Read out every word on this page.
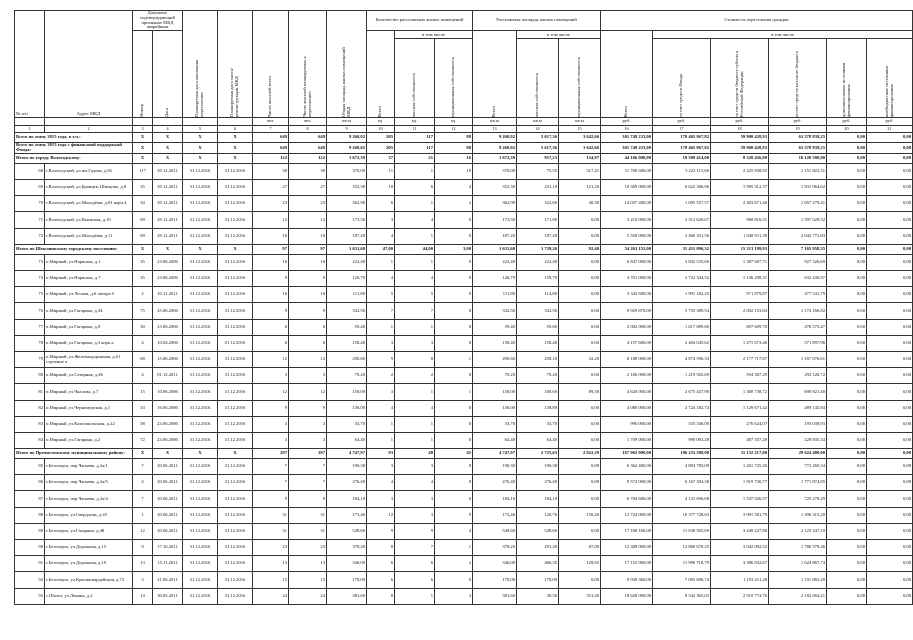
№ п/п	Адрес МКД	Документ, подтверждающий признание МКД аварийным		Планируемая дата окончания переселения	Планируемая дата сноса/реконструкции МКД	Число жителей всего	Число жителей планируемых к переселению	Общая площадь жилых помещений МКД	Количество расселяемых жилых помещений			Расселяемая площадь жилых помещений			Стоимость переселения граждан					

		Номер	Дата						Всего	в том числе		Всего	в том числе		Всего	в том числе				

										частная собственность	муниципальная собственность		частная собственность	муниципальная собственность		за счет средств Фонда	за счет средств бюджета субъекта Российской Федерации	за счет средств местного бюджета	дополнительные источники финансирования	внебюджетные источники финансирования

						чел.	чел.	кв.м	ед.	ед.	ед.	кв.м	кв.м	кв.м	руб.	руб.	руб.	руб.	руб.	руб.
1	2	3	4	5	6	7	8	9	10	11	12	13	14	15	16	17	18	19	20	21
Всего по этапу 2015 года, в т.ч.:		X	X	X	X	649	649	9 260,02	205	117	88	9 260,02	5 617,36	3 642,66	301 749 233,00	178 465 967,82	59 900 428,93	63 378 839,25	0,00	0,00
Всего по этапу 2015 года с финансовой поддержкой Фонда:		X	X	X	X	649	649	9 260,02	205	117	88	9 260,02	5 617,36	3 642,66	301 749 233,00	178 465 967,82	59 900 428,93	63 378 839,25	0,00	0,00
Итого по городу Вологодскому:		X	X	X	X	122	122	1 672,39	37	21	16	1 672,39	957,23	154,97	44 166 000,00	19 589 414,00	8 328 456,00	16 128 580,00	0,00	0,00
68	г.Вологодский, ул.им.Гадова, д.82	117	29.12.2011	31.12.2016	31.12.2016	30	30	370,00	11	1	10	370,00	75,55	317,41	11 700 600,00	5 223 115,60	2 225 938,95	1 151 822,31	0,00	0,00
69	г.Вологодский, ул.Бровцев, Швецово, д.8	35	29.12.2011	31.12.2016	31.12.2016	27	27	352,30	10	6	4	352,30	231,10	121,20	10 369 000,00	6 622 386,96	1 995 312,37	1 831 964,62	0,00	0,00
70	г.Вологодский, ул.Молодёжи, д.81 корп.4	34	29.12.2011	31.12.2016	31.12.2016	23	23	362,90	6	1	2	362,90	322,60	40,30	14 037 400,00	1 095 557,57	2 403 671,40	1 657 279,41	0,00	0,00
71	г.Вологодский, ул.Воинская, д.10	69	29.12.2011	31.12.2016	31.12.2016	12	12	173,50	3	4	0	173,50	171,80	0,00	3 210 000,00	2 312 620,67	968 816,31	1 597 629,52	0,00	0,00
72	г.Вологодский, ул.Молодёжи, д.11	69	29.12.2011	31.12.2016	31.12.2016	10	10	187,20	4	1	0	187,20	187,20	0,00	5 550 000,00	2 460 331,56	1 048 911,39	2 042 772,83	0,00	0,00
Итого по Шекснинскому городскому поселению:		X	X	X	X	97	97	1 631,60	47,00	44,00	3,00	1 631,60	1 739,26	92,40	54 263 155,00	31 451 096,32	15 313 199,93	7 165 958,35	0,00	0,00
73	п.Мирный, ул.Нарвская, д.1	35	23.06.2006	31.12.2016	31.12.2016	10	10	222,40	1	1	0	222,40	222,40	0,00	6 847 000,00	3 832 535,60	1 387 607,71	927 326,69	0,00	0,00
74	п.Мирный, ул.Нарвская, д.7	35	23.06.2006	31.12.2016	31.12.2016	9	9	126,79	4	4	0	126,79	159,79	0,00	4 701 000,00	2 722 344,52	1 136 298,31	632 436,97	0,00	0,00
75	п.Мирный, ул.Лесная, д.6 литера б	2	10.12.2011	31.12.2016	31.12.2016	10	10	111,80	5	5	0	111,80	114,80	0,00	3 343 600,00	1 991 182,25	971 879,87	477 541,79	0,00	0,00
76	п.Мирный, ул.Гагарина, д.34	75	25.06.2006	31.12.2016	31.12.2016	9	9	332,50	7	7	0	332,50	332,50	0,00	9 929 870,00	5 753 389,54	2 002 153,84	1 174 166,82	0,00	0,00
77	п.Мирный, ул.Гагарина, д.8	30	23.06.2006	31.12.2016	31.12.2016	6	6	59,40	1	1	0	59,40	59,60	0,00	2 002 000,00	1 617 889,60	807 609,70	276 575,47	0,00	0,00
78	п.Мирный, ул.Гагарина, д.3 корп.а	4	10.04.2006	31.12.2016	01.12.2016	6	6	158,40	3	3	0	158,40	158,40	0,00	4 157 600,00	2 404 045,62	1 271 673,46	571 897,96	0,00	0,00
79	п.Мирный, ул.Железнодорожная, д.61 строение а	68	15.06.2006	31.12.2016	31.12.2016	12	12	290,60	9	8	1	290,60	258,10	32,20	8 188 000,00	4 874 596,33	2 177 717,87	1 167 676,61	0,00	0,00
80	п.Мирный, ул.Северная, д.46	4	01.12.2011	31.12.2016	31.12.2016	3	3	70,20	2	2	0	70,20	70,20	0,00	2 106 000,00	1 219 565,69	594 307,29	292 126,72	0,00	0,00
81	п.Мирный, ул.Чкалова, д.7	15	10.06.2006	31.12.2016	31.12.2016	12	12	150,00	3	1	1	150,00	100,60	89,30	4 620 000,00	2 675 437,90	1 300 738,72	690 821,40	0,00	0,00
82	п.Мирный, ул.Черноморская, д.1	33	16.06.2006	31.12.2016	31.12.2016	9	9	136,00	4	4	0	136,00	138,80	0,00	4 080 000,00	2 724 182,74	1 129 671,42	489 145,84	0,00	0,00
83	п.Мирный, ул.Комсомольская, д.22	38	23.06.2006	31.12.2016	31.12.2016	3	3	33,70	1	1	0	33,70	33,70	0,00	996 000,00	535 336,00	276 624,07	193 039,93	0,00	0,00
84	п.Мирный, ул.Гагарина, д.2	72	23.06.2006	31.12.2016	31.12.2016	3	3	64,40	1	1	0	64,40	64,40	0,00	1 709 000,00	990 092,28	487 357,28	228 835,34	0,00	0,00
Итого по Пречистенскому муниципальному району:		X	X	X	X	297	297	4 747,97	93	48	45	4 747,97	2 725,63	2 022,29	167 962 000,00	106 233 280,00	31 132 217,00	29 624 480,00	0,00	0,00
85	г.Белозерск, пер.Чапаева, д.2а/1	7	20.06.2011	31.12.2016	31.12.2016	7	7	190,30	3	3	0	190,30	190,30	0,00	6 362 400,00	4 804 783,09	1 261 725,26	773 269,34	0,00	0,00
86	г.Белозерск, пер.Чапаева, д.2а/5	4	20.06.2011	31.12.2016	31.12.2016	7	7	276,40	4	4	0	276,40	276,40	0,00	9 572 000,00	6 167 394,38	1 819 730,77	1 771 874,85	0,00	0,00
87	г.Белозерск, пер.Чапаева, д.2а/4	7	20.06.2011	31.12.2016	31.12.2016	9	9	184,10	3	3	0	184,10	184,10	0,00	6 704 600,00	4 131 696,68	1 547 926,97	725 278,29	0,00	0,00
88	г.Белозерск, ул.Свердлова, д.43	1	20.06.2011	31.12.2016	31.12.2016	31	31	173,46	12	3	9	173,46	120,76	150,26	12 724 000,00	10 377 728,63	3 991 581,79	1 496 315,20	0,00	0,00
89	г.Белозерск, ул.Гагарина, д.48	12	20.06.2011	31.12.2016	31.12.2016	31	31	549,60	9	9	4	549,60	549,60	0,00	17 168 160,00	11 638 565,69	3 449 227,80	2 123 347,10	0,00	0,00
90	г.Белозерск, ул.Дорожная, д.15	9	17.10.2011	31.12.2016	31.12.2016	23	23	378,20	8	7	1	378,20	291,20	87,00	12 308 000,00	12 860 670,25	3 042 092,52	1 786 578,46	0,00	0,00
91	г.Белозерск, ул.Дорожная, д.19	13	15.11.2011	31.12.2016	31.12.2016	13	13	346,00	6	6	2	346,00	466,35	129,65	17 152 900,00	11 990 718,79	3 386 832,67	1 624 867,74	0,00	0,00
92	г.Белозерск, ул.Красногвардейская, д.73	3	21.06.2011	31.12.2016	31.12.2016	15	15	170,00	6	6	0	170,00	170,00	0,00	9 930 360,00	7 005 696,74	1 193 411,28	1 191 865,29	0,00	0,00
93	с.Шалга, ул.Ленина, д.2	14	30.05.2011	31.12.2016	31.12.2016	24	24	381,60	8	1	3	381,60	30,50	351,40	18 628 000,00	8 542 365,03	2 910 774,76	2 182 664,21	0,00	0,00
